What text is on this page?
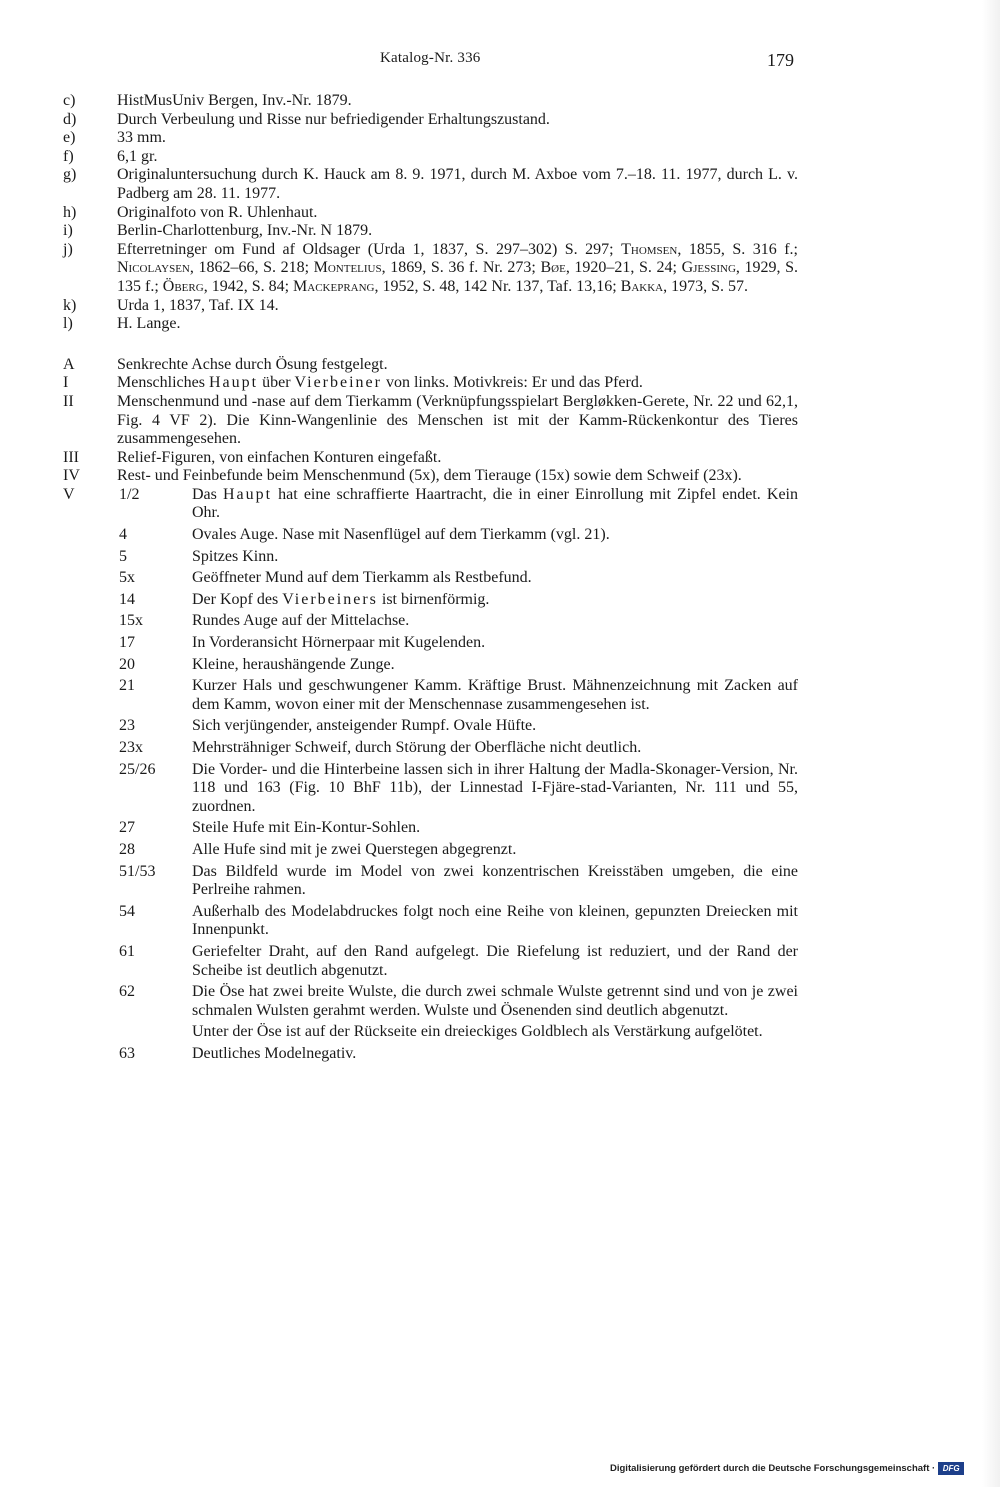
Katalog-Nr. 336	179
c)	HistMusUniv Bergen, Inv.-Nr. 1879.
d)	Durch Verbeulung und Risse nur befriedigender Erhaltungszustand.
e)	33 mm.
f)	6,1 gr.
g)	Originaluntersuchung durch K. Hauck am 8. 9. 1971, durch M. Axboe vom 7.–18. 11. 1977, durch L. v. Padberg am 28. 11. 1977.
h)	Originalfoto von R. Uhlenhaut.
i)	Berlin-Charlottenburg, Inv.-Nr. N 1879.
j)	Efterretninger om Fund af Oldsager (Urda 1, 1837, S. 297–302) S. 297; Thomsen, 1855, S. 316 f.; Nicolaysen, 1862–66, S. 218; Montelius, 1869, S. 36 f. Nr. 273; Bøe, 1920–21, S. 24; Gjessing, 1929, S. 135 f.; Öberg, 1942, S. 84; Mackeprang, 1952, S. 48, 142 Nr. 137, Taf. 13,16; Bakka, 1973, S. 57.
k)	Urda 1, 1837, Taf. IX 14.
l)	H. Lange.
A	Senkrechte Achse durch Ösung festgelegt.
I	Menschliches Haupt über Vierbeiner von links. Motivkreis: Er und das Pferd.
II	Menschenmund und -nase auf dem Tierkamm (Verknüpfungsspielart Bergløkken-Gerete, Nr. 22 und 62,1, Fig. 4 VF 2). Die Kinn-Wangenlinie des Menschen ist mit der Kamm-Rückenkontur des Tieres zusammengesehen.
III	Relief-Figuren, von einfachen Konturen eingefaßt.
IV	Rest- und Feinbefunde beim Menschenmund (5x), dem Tierauge (15x) sowie dem Schweif (23x).
V	1/2	Das Haupt hat eine schraffierte Haartracht, die in einer Einrollung mit Zipfel endet. Kein Ohr.
4	Ovales Auge. Nase mit Nasenflügel auf dem Tierkamm (vgl. 21).
5	Spitzes Kinn.
5x	Geöffneter Mund auf dem Tierkamm als Restbefund.
14	Der Kopf des Vierbeiners ist birnenförmig.
15x	Rundes Auge auf der Mittelachse.
17	In Vorderansicht Hörnerpaar mit Kugelenden.
20	Kleine, heraushängende Zunge.
21	Kurzer Hals und geschwungener Kamm. Kräftige Brust. Mähnenzeichnung mit Zacken auf dem Kamm, wovon einer mit der Menschennase zusammengesehen ist.
23	Sich verjüngender, ansteigender Rumpf. Ovale Hüfte.
23x	Mehrsträhniger Schweif, durch Störung der Oberfläche nicht deutlich.
25/26	Die Vorder- und die Hinterbeine lassen sich in ihrer Haltung der Madla-Skonager-Version, Nr. 118 und 163 (Fig. 10 BhF 11b), der Linnestad I-Fjäre-stad-Varianten, Nr. 111 und 55, zuordnen.
27	Steile Hufe mit Ein-Kontur-Sohlen.
28	Alle Hufe sind mit je zwei Querstegen abgegrenzt.
51/53	Das Bildfeld wurde im Model von zwei konzentrischen Kreisstäben umgeben, die eine Perlreihe rahmen.
54	Außerhalb des Modelabdruckes folgt noch eine Reihe von kleinen, gepunzten Dreiecken mit Innenpunkt.
61	Geriefelter Draht, auf den Rand aufgelegt. Die Riefelung ist reduziert, und der Rand der Scheibe ist deutlich abgenutzt.
62	Die Öse hat zwei breite Wulste, die durch zwei schmale Wulste getrennt sind und von je zwei schmalen Wulsten gerahmt werden. Wulste und Ösenenden sind deutlich abgenutzt.
Unter der Öse ist auf der Rückseite ein dreieckiges Goldblech als Verstärkung aufgelötet.
63	Deutliches Modelnegativ.
Digitalisierung gefördert durch die Deutsche Forschungsgemeinschaft · DFG
